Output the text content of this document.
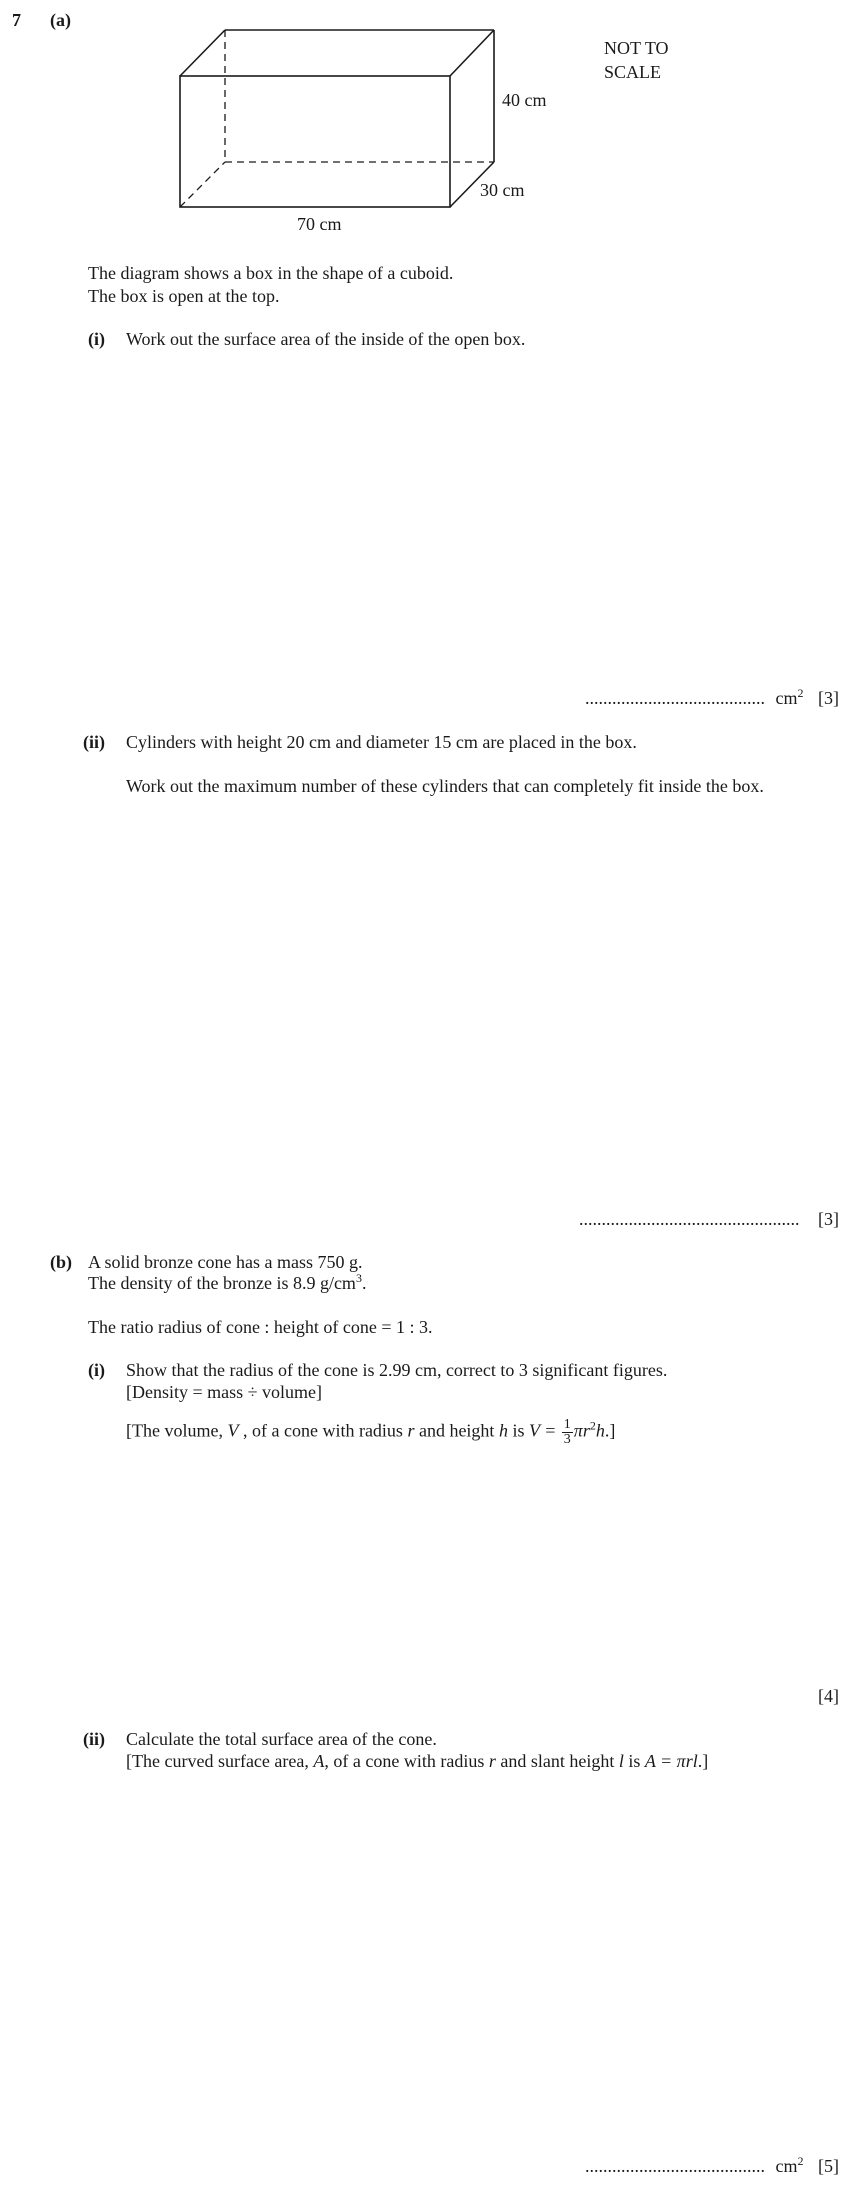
7 (a)
40 cm
30 cm
70 cm
NOT TO
SCALE
The diagram shows a box in the shape of a cuboid.
The box is open at the top.
(i) Work out the surface area of the inside of the open box.
........................................ $cm^2$ [3]
(ii) Cylinders with height 20 cm and diameter 15 cm are placed in the box.
Work out the maximum number of these cylinders that can completely fit inside the box.
................................................. [3]
(b) A solid bronze cone has a mass 750 g.
The density of the bronze is 8.9 $g/cm^3$.
The ratio radius of cone : height of cone = 1 : 3.
(i) Show that the radius of the cone is 2.99 cm, correct to 3 significant figures.
[Density = mass ÷ volume]
[The volume, V , of a cone with radius r and height h is $V = \frac{1}{3} \pi r^2h$.]
[4]
(ii) Calculate the total surface area of the cone.
[The curved surface area, A, of a cone with radius r and slant height l is A = πrl.]
........................................ $cm^2$ [5]
